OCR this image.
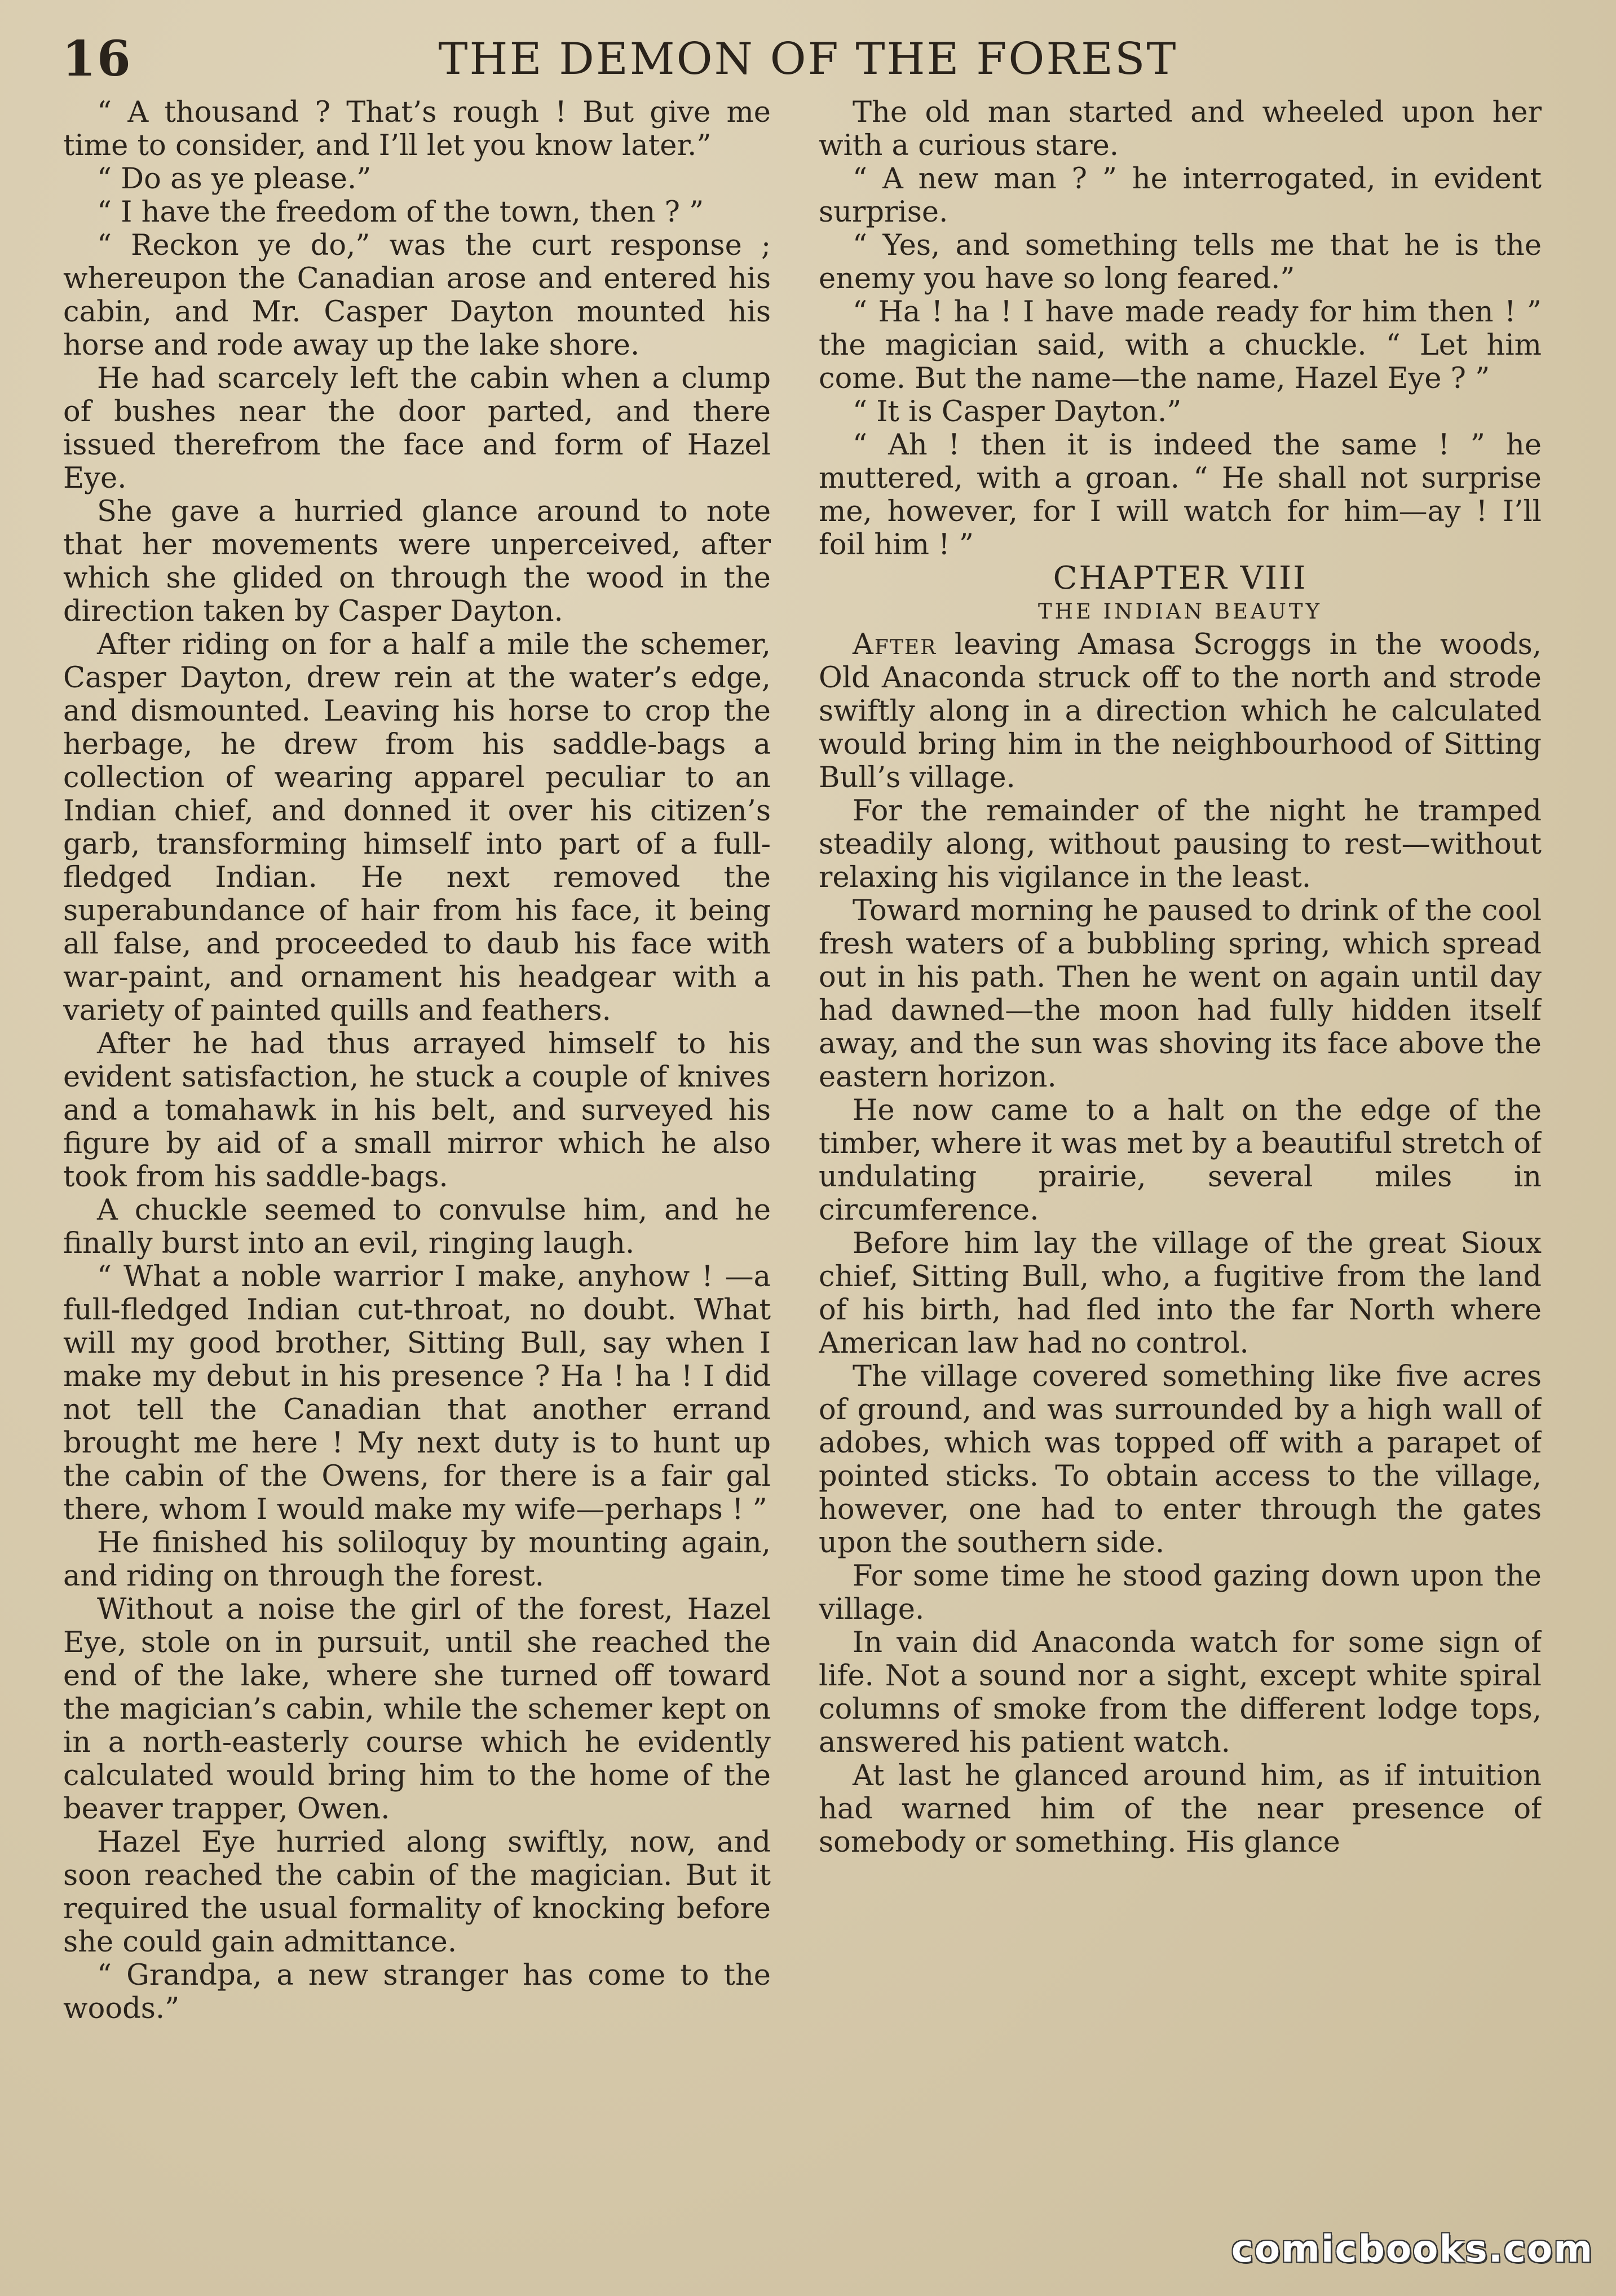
16	THE DEMON OF THE FOREST

“ A thousand ? That’s rough ! But give me time to consider, and I’ll let you know later.”

“ Do as ye please.”

“ I have the freedom of the town, then ? ”

“ Reckon ye do,” was the curt response ; whereupon the Canadian arose and entered his cabin, and Mr. Casper Dayton mounted his horse and rode away up the lake shore.

He had scarcely left the cabin when a clump of bushes near the door parted, and there issued therefrom the face and form of Hazel Eye.

She gave a hurried glance around to note that her movements were unperceived, after which she glided on through the wood in the direction taken by Casper Dayton.

After riding on for a half a mile the schemer, Casper Dayton, drew rein at the water’s edge, and dismounted. Leaving his horse to crop the herbage, he drew from his saddle-bags a collection of wearing apparel peculiar to an Indian chief, and donned it over his citizen’s garb, transforming himself into part of a full-fledged Indian. He next removed the superabundance of hair from his face, it being all false, and proceeded to daub his face with war-paint, and ornament his headgear with a variety of painted quills and feathers.

After he had thus arrayed himself to his evident satisfaction, he stuck a couple of knives and a tomahawk in his belt, and surveyed his figure by aid of a small mirror which he also took from his saddle-bags.

A chuckle seemed to convulse him, and he finally burst into an evil, ringing laugh.

“ What a noble warrior I make, anyhow ! —a full-fledged Indian cut-throat, no doubt. What will my good brother, Sitting Bull, say when I make my debut in his presence ? Ha ! ha ! I did not tell the Canadian that another errand brought me here ! My next duty is to hunt up the cabin of the Owens, for there is a fair gal there, whom I would make my wife—perhaps ! ”

He finished his soliloquy by mounting again, and riding on through the forest.

Without a noise the girl of the forest, Hazel Eye, stole on in pursuit, until she reached the end of the lake, where she turned off toward the magician’s cabin, while the schemer kept on in a north-easterly course which he evidently calculated would bring him to the home of the beaver trapper, Owen.

Hazel Eye hurried along swiftly, now, and soon reached the cabin of the magician. But it required the usual formality of knocking before she could gain admittance.

“ Grandpa, a new stranger has come to the woods.”

The old man started and wheeled upon her with a curious stare.

“ A new man ? ” he interrogated, in evident surprise.

“ Yes, and something tells me that he is the enemy you have so long feared.”

“ Ha ! ha ! I have made ready for him then ! ” the magician said, with a chuckle. “ Let him come. But the name—the name, Hazel Eye ? ”

“ It is Casper Dayton.”

“ Ah ! then it is indeed the same ! ” he muttered, with a groan. “ He shall not surprise me, however, for I will watch for him—ay ! I’ll foil him ! ”

CHAPTER VIII

THE INDIAN BEAUTY

After leaving Amasa Scroggs in the woods, Old Anaconda struck off to the north and strode swiftly along in a direction which he calculated would bring him in the neighbourhood of Sitting Bull’s village.

For the remainder of the night he tramped steadily along, without pausing to rest—without relaxing his vigilance in the least.

Toward morning he paused to drink of the cool fresh waters of a bubbling spring, which spread out in his path. Then he went on again until day had dawned—the moon had fully hidden itself away, and the sun was shoving its face above the eastern horizon.

He now came to a halt on the edge of the timber, where it was met by a beautiful stretch of undulating prairie, several miles in circumference.

Before him lay the village of the great Sioux chief, Sitting Bull, who, a fugitive from the land of his birth, had fled into the far North where American law had no control.

The village covered something like five acres of ground, and was surrounded by a high wall of adobes, which was topped off with a parapet of pointed sticks. To obtain access to the village, however, one had to enter through the gates upon the southern side.

For some time he stood gazing down upon the village.

In vain did Anaconda watch for some sign of life. Not a sound nor a sight, except white spiral columns of smoke from the different lodge tops, answered his patient watch.

At last he glanced around him, as if intuition had warned him of the near presence of somebody or something. His glance

comicbooks.com
